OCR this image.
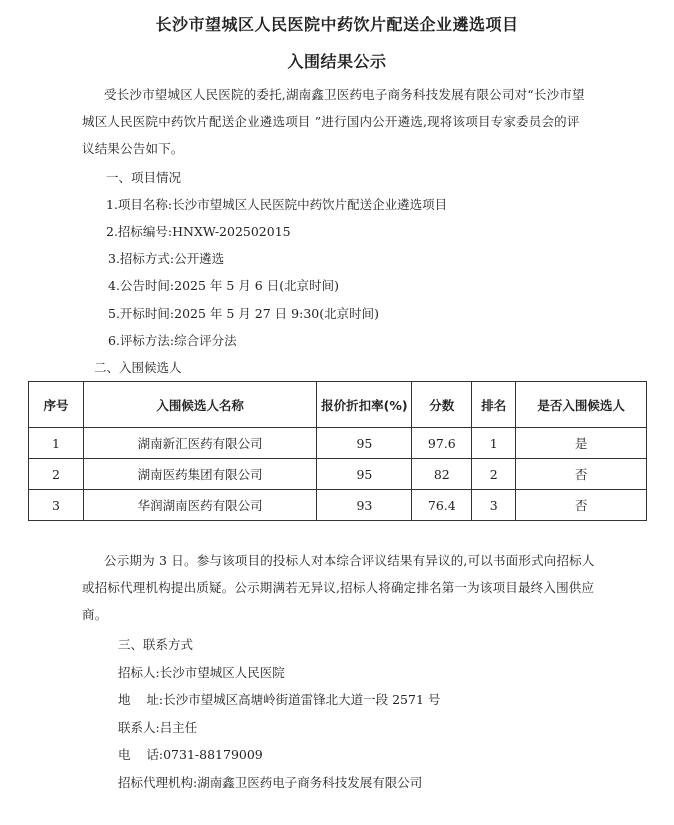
长沙市望城区人民医院中药饮片配送企业遴选项目
入围结果公示
受长沙市望城区人民医院的委托,湖南鑫卫医药电子商务科技发展有限公司对“长沙市望
城区人民医院中药饮片配送企业遴选项目 ”进行国内公开遴选,现将该项目专家委员会的评
议结果公告如下。
一、项目情况
1.项目名称:长沙市望城区人民医院中药饮片配送企业遴选项目
2.招标编号:HNXW-202502015
3.招标方式:公开遴选
4.公告时间:2025 年 5 月 6 日(北京时间)
5.开标时间:2025 年 5 月 27 日 9:30(北京时间)
6.评标方法:综合评分法
二、入围候选人
序号	入围候选人名称	报价折扣率(%)	分数	排名	是否入围候选人
1	湖南新汇医药有限公司	95	97.6	1	是
2	湖南医药集团有限公司	95	82	2	否
3	华润湖南医药有限公司	93	76.4	3	否
公示期为 3 日。参与该项目的投标人对本综合评议结果有异议的,可以书面形式向招标人
或招标代理机构提出质疑。公示期满若无异议,招标人将确定排名第一为该项目最终入围供应
商。
三、联系方式
招标人:长沙市望城区人民医院
地    址:长沙市望城区高塘岭街道雷锋北大道一段 2571 号
联系人:吕主任
电    话:0731-88179009
招标代理机构:湖南鑫卫医药电子商务科技发展有限公司
